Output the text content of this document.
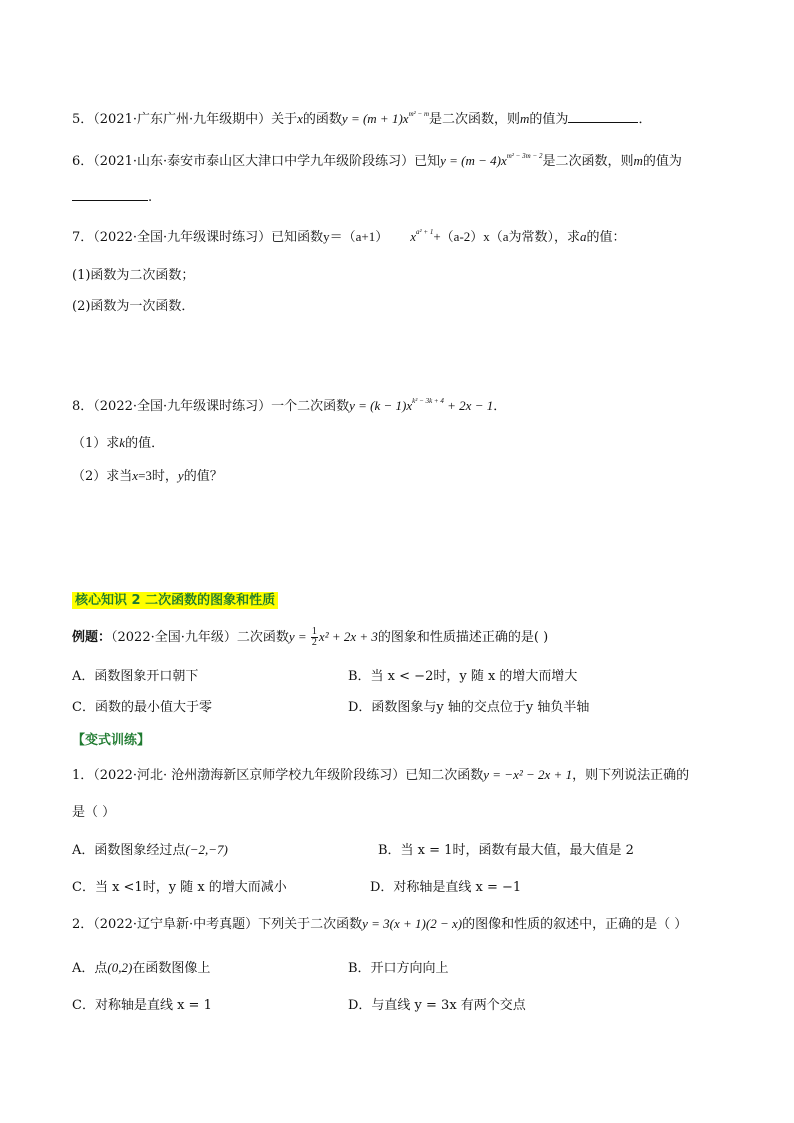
5．（2021·广东广州·九年级期中）关于x的函数$y = (m + 1)x^{m^2 - m}$是二次函数，则m的值为	．
6．（2021·山东·泰安市泰山区大津口中学九年级阶段练习）已知$y = (m - 4)x^{m^2 - 3m - 2}$是二次函数，则m的值为
.
7．（2022·全国·九年级课时练习）已知函数y＝（a+1） $x^{a^2 + 1}+(a-2)x(a$为常数），求a的值：
(1)函数为二次函数；
(2)函数为一次函数．
8．（2022·全国·九年级课时练习）一个二次函数$y = (k - 1)x^{k^2 - 3k + 4} + 2x - 1$．
（1）求k的值．
（2）求当x=3时，y的值？
核心知识 2 二次函数的图象和性质
例题：（2022·全国·九年级）二次函数$y = \frac{1}{2} x^2 + 2x + 3$的图象和性质描述正确的是( )
A．函数图象开口朝下	B．当 x < −2时，y 随 x 的增大而增大
C．函数的最小值大于零	D．函数图象与y 轴的交点位于y 轴负半轴
【变式训练】
1．（2022·河北· 沧州渤海新区京师学校九年级阶段练习）已知二次函数y = −x² − 2x + 1，则下列说法正确的
是（ ）
A．函数图象经过点(−2,−7)	B．当 x = 1时，函数有最大值，最大值是 2
C．当 x <1时，y 随 x 的增大而减小	D．对称轴是直线 x = −1
2．（2022·辽宁阜新·中考真题）下列关于二次函数y = 3(x + 1)(2 − x)的图像和性质的叙述中，正确的是（ ）
A．点(0,2)在函数图像上	B．开口方向向上
C．对称轴是直线 x = 1	D．与直线 y = 3x 有两个交点
